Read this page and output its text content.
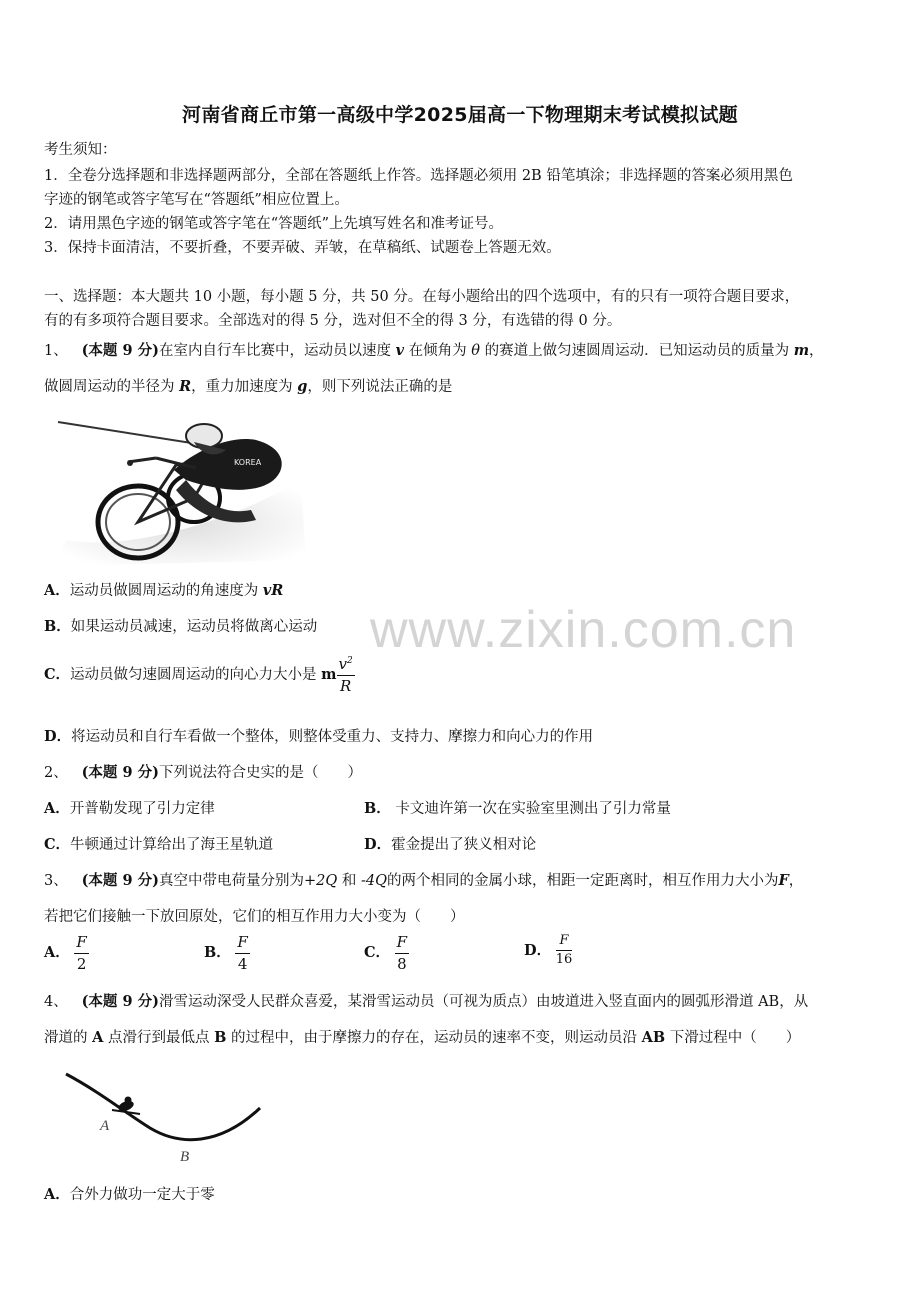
河南省商丘市第一高级中学2025届高一下物理期末考试模拟试题
考生须知：
1．全卷分选择题和非选择题两部分，全部在答题纸上作答。选择题必须用 2B 铅笔填涂；非选择题的答案必须用黑色
字迹的钢笔或答字笔写在“答题纸”相应位置上。
2．请用黑色字迹的钢笔或答字笔在“答题纸”上先填写姓名和准考证号。
3．保持卡面清洁，不要折叠，不要弄破、弄皱，在草稿纸、试题卷上答题无效。
一、选择题：本大题共 10 小题，每小题 5 分，共 50 分。在每小题给出的四个选项中，有的只有一项符合题目要求，
有的有多项符合题目要求。全部选对的得 5 分，选对但不全的得 3 分，有选错的得 0 分。
1、 (本题 9 分)在室内自行车比赛中，运动员以速度 v 在倾角为 θ 的赛道上做匀速圆周运动．已知运动员的质量为 m，
做圆周运动的半径为 R，重力加速度为 g，则下列说法正确的是
KOREA
A．运动员做圆周运动的角速度为 vR
B．如果运动员减速，运动员将做离心运动
C．运动员做匀速圆周运动的向心力大小是 m $\frac{v^2}{R}$
D．将运动员和自行车看做一个整体，则整体受重力、支持力、摩擦力和向心力的作用
www.zixin.com.cn
2、 (本题 9 分)下列说法符合史实的是（　　）
A．开普勒发现了引力定律	B． 卡文迪许第一次在实验室里测出了引力常量
C．牛顿通过计算给出了海王星轨道	D．霍金提出了狭义相对论
3、 (本题 9 分)真空中带电荷量分别为+2Q 和 -4Q的两个相同的金属小球，相距一定距离时，相互作用力大小为F，
若把它们接触一下放回原处，它们的相互作用力大小变为（　　）
A． $\frac{F}{2}$	B． $\frac{F}{4}$	C． $\frac{F}{8}$	D． $\frac{F}{16}$
4、 (本题 9 分)滑雪运动深受人民群众喜爱，某滑雪运动员（可视为质点）由坡道进入竖直面内的圆弧形滑道 AB，从
滑道的 A 点滑行到最低点 B 的过程中，由于摩擦力的存在，运动员的速率不变，则运动员沿 AB 下滑过程中（　　）
A
B
A．合外力做功一定大于零
